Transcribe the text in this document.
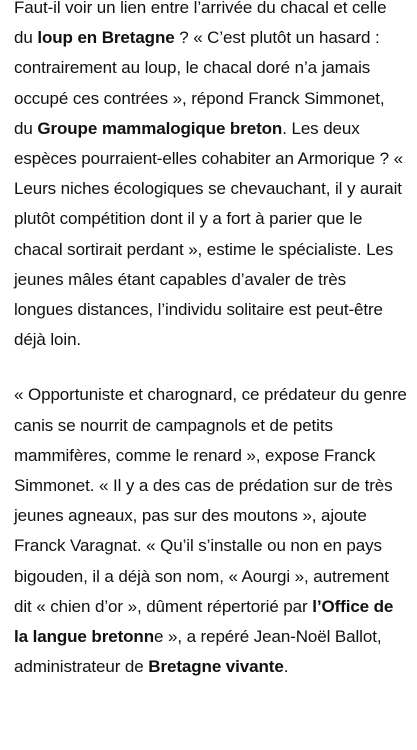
Faut-il voir un lien entre l’arrivée du chacal et celle du loup en Bretagne ? « C’est plutôt un hasard : contrairement au loup, le chacal doré n’a jamais occupé ces contrées », répond Franck Simmonet, du Groupe mammalogique breton. Les deux espèces pourraient-elles cohabiter an Armorique ? « Leurs niches écologiques se chevauchant, il y aurait plutôt compétition dont il y a fort à parier que le chacal sortirait perdant », estime le spécialiste. Les jeunes mâles étant capables d’avaler de très longues distances, l’individu solitaire est peut-être déjà loin.

« Opportuniste et charognard, ce prédateur du genre canis se nourrit de campagnols et de petits mammifères, comme le renard », expose Franck Simmonet. « Il y a des cas de prédation sur de très jeunes agneaux, pas sur des moutons », ajoute Franck Varagnat. « Qu’il s’installe ou non en pays bigouden, il a déjà son nom, « Aourgi », autrement dit « chien d’or », dûment répertorié par l’Office de la langue bretonne », a repéré Jean-Noël Ballot, administrateur de Bretagne vivante.
